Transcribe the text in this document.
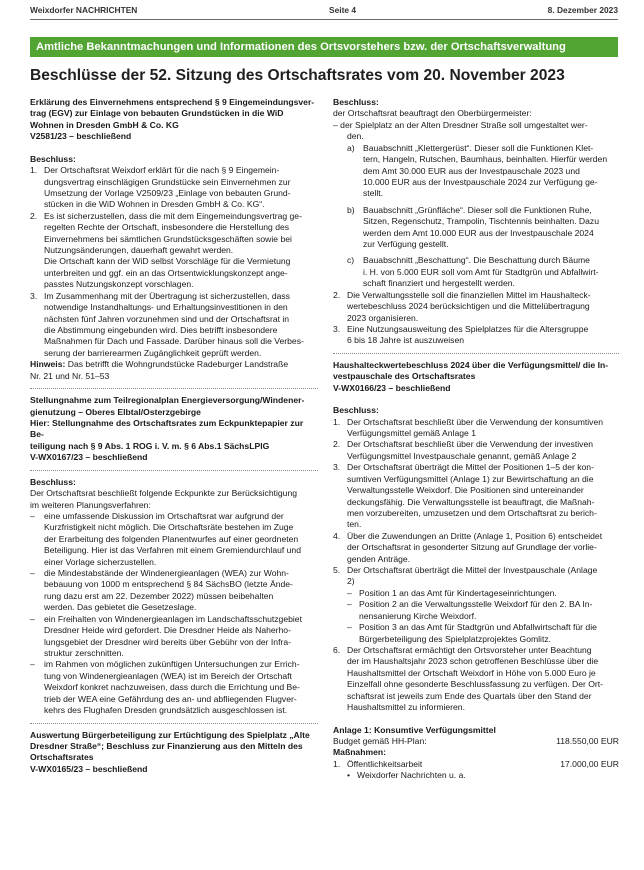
Weixdorfer NACHRICHTEN	Seite 4	8. Dezember 2023
Amtliche Bekanntmachungen und Informationen des Ortsvorstehers bzw. der Ortschaftsverwaltung
Beschlüsse der 52. Sitzung des Ortschaftsrates vom 20. November 2023

Erklärung des Einvernehmens entsprechend § 9 Eingemeindungsver-

trag (EGV) zur Einlage von bebauten Grundstücken in die WiD

Wohnen in Dresden GmbH & Co. KG

V2581/23 – beschließend

Beschluss:

1. Der Ortschaftsrat Weixdorf erklärt für die nach § 9 Eingemein-

dungsvertrag einschlägigen Grundstücke sein Einvernehmen zur

Umsetzung der Vorlage V2509/23 „Einlage von bebauten Grund-

stücken in die WiD Wohnen in Dresden GmbH & Co. KG“.

2. Es ist sicherzustellen, dass die mit dem Eingemeindungsvertrag ge-

regelten Rechte der Ortschaft, insbesondere die Herstellung des

Einvernehmens bei sämtlichen Grundstücksgeschäften sowie bei

Nutzungsänderungen, dauerhaft gewahrt werden.

Die Ortschaft kann der WiD selbst Vorschläge für die Vermietung

unterbreiten und ggf. ein an das Ortsentwicklungskonzept ange-

passtes Nutzungskonzept vorschlagen.

3. Im Zusammenhang mit der Übertragung ist sicherzustellen, dass

notwendige Instandhaltungs- und Erhaltungsinvestitionen in den

nächsten fünf Jahren vorzunehmen sind und der Ortschaftsrat in

die Abstimmung eingebunden wird. Dies betrifft insbesondere

Maßnahmen für Dach und Fassade. Darüber hinaus soll die Verbes-

serung der barrierearmen Zugänglichkeit geprüft werden.

Hinweis: Das betrifft die Wohngrundstücke Radeburger Landstraße

Nr. 21 und Nr. 51–53

Stellungnahme zum Teilregionalplan Energieversorgung/Windener-

gienutzung – Oberes Elbtal/Osterzgebirge

Hier: Stellungnahme des Ortschaftsrates zum Eckpunktepapier zur Be-

teiligung nach § 9 Abs. 1 ROG i. V. m. § 6 Abs.1 SächsLPlG

V-WX0167/23 – beschließend

Beschluss:

Der Ortschaftsrat beschließt folgende Eckpunkte zur Berücksichtigung

im weiteren Planungsverfahren:

–	eine umfassende Diskussion im Ortschaftsrat war aufgrund der

Kurzfristigkeit nicht möglich. Die Ortschaftsräte bestehen im Zuge

der Erarbeitung des folgenden Planentwurfes auf einer geordneten

Beteiligung. Hier ist das Verfahren mit einem Gremiendurchlauf und

einer Vorlage sicherzustellen.

–	die Mindestabstände der Windenergieanlagen (WEA) zur Wohn-

bebauung von 1000 m entsprechend § 84 SächsBO (letzte Ände-

rung dazu erst am 22. Dezember 2022) müssen beibehalten

werden. Das gebietet die Gesetzeslage.

–	ein Freihalten von Windenergieanlagen im Landschaftsschutzgebiet

Dresdner Heide wird gefordert. Die Dresdner Heide als Naherho-

lungsgebiet der Dresdner wird bereits über Gebühr von der Infra-

struktur zerschnitten.

–	im Rahmen von möglichen zukünftigen Untersuchungen zur Errich-

tung von Windenergieanlagen (WEA) ist im Bereich der Ortschaft

Weixdorf konkret nachzuweisen, dass durch die Errichtung und Be-

trieb der WEA eine Gefährdung des an- und abfliegenden Flugver-

kehrs des Flughafen Dresden grundsätzlich ausgeschlossen ist.

Auswertung Bürgerbeteiligung zur Ertüchtigung des Spielplatz „Alte

Dresdner Straße“; Beschluss zur Finanzierung aus den Mitteln des

Ortschaftsrates

V-WX0165/23 – beschließend

Beschluss:

der Ortschaftsrat beauftragt den Oberbürgermeister:

– der Spielplatz an der Alten Dresdner Straße soll umgestaltet wer-

den.

a) Bauabschnitt „Klettergerüst“. Dieser soll die Funktionen Klet-

tern, Hangeln, Rutschen, Baumhaus, beinhalten. Hierfür werden

dem Amt 30.000 EUR aus der Investpauschale 2023 und

10.000 EUR aus der Investpauschale 2024 zur Verfügung ge-

stellt.

b) Bauabschnitt „Grünfläche“. Dieser soll die Funktionen Ruhe,

Sitzen, Regenschutz, Trampolin, Tischtennis beinhalten. Dazu

werden dem Amt 10.000 EUR aus der Investpauschale 2024

zur Verfügung gestellt.

c)	Bauabschnitt „Beschattung“. Die Beschattung durch Bäume

i. H. von 5.000 EUR soll vom Amt für Stadtgrün und Abfallwirt-

schaft finanziert und hergestellt werden.

2. Die Verwaltungsstelle soll die finanziellen Mittel im Haushalteck-

wertebeschluss 2024 berücksichtigen und die Mittelübertragung

2023 organisieren.

3. Eine Nutzungsausweitung des Spielplatzes für die Altersgruppe

6 bis 18 Jahre ist auszuweisen

Haushalteckwertebeschluss 2024 über die Verfügungsmittel/ die In-

vestpauschale des Ortschaftsrates

V-WX0166/23 – beschließend

Beschluss:

1. Der Ortschaftsrat beschließt über die Verwendung der konsumtiven

Verfügungsmittel gemäß Anlage 1

2. Der Ortschaftsrat beschließt über die Verwendung der investiven

Verfügungsmittel Investpauschale genannt, gemäß Anlage 2

3. Der Ortschaftsrat überträgt die Mittel der Positionen 1–5 der kon-

sumtiven Verfügungsmittel (Anlage 1) zur Bewirtschaftung an die

Verwaltungsstelle Weixdorf. Die Positionen sind untereinander

deckungsfähig. Die Verwaltungsstelle ist beauftragt, die Maßnah-

men vorzubereiten, umzusetzen und dem Ortschaftsrat zu berich-

ten.

4. Über die Zuwendungen an Dritte (Anlage 1, Position 6) entscheidet

der Ortschaftsrat in gesonderter Sitzung auf Grundlage der vorlie-

genden Anträge.

5. Der Ortschaftsrat überträgt die Mittel der Investpauschale (Anlage

2)

– Position 1 an das Amt für Kindertageseinrichtungen.

– Position 2 an die Verwaltungsstelle Weixdorf für den 2. BA In-

nensanierung Kirche Weixdorf.

– Position 3 an das Amt für Stadtgrün und Abfallwirtschaft für die

Bürgerbeteiligung des Spielplatzprojektes Gomlitz.

6. Der Ortschaftsrat ermächtigt den Ortsvorsteher unter Beachtung

der im Haushaltsjahr 2023 schon getroffenen Beschlüsse über die

Haushaltsmittel der Ortschaft Weixdorf in Höhe von 5.000 Euro je

Einzelfall ohne gesonderte Beschlussfassung zu verfügen. Der Ort-

schaftsrat ist jeweils zum Ende des Quartals über den Stand der

Haushaltsmittel zu informieren.

Anlage 1: Konsumtive Verfügungsmittel

Budget gemäß HH-Plan:	118.550,00 EUR

Maßnahmen:

1. Öffentlichkeitsarbeit	17.000,00 EUR
• Weixdorfer Nachrichten u. a.
